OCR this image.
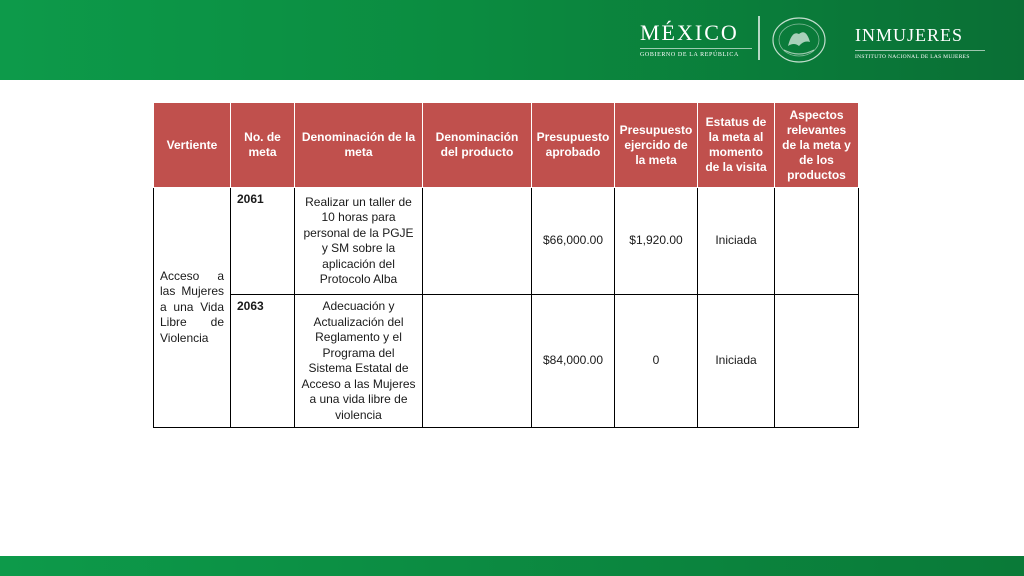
MÉXICO
GOBIERNO DE LA REPÚBLICA
INMUJERES
INSTITUTO NACIONAL DE LAS MUJERES
Vertiente	No. de meta	Denominación de la meta	Denominación del producto	Presupuesto aprobado	Presupuesto ejercido de la meta	Estatus de la meta al momento de la visita	Aspectos relevantes de la meta y de los productos
Acceso a las Mujeres a una Vida Libre de Violencia	2061	Realizar un taller de 10 horas para personal de la PGJE y SM sobre la aplicación del Protocolo Alba		$66,000.00	$1,920.00	Iniciada	
	2063	Adecuación y Actualización del Reglamento y el Programa del Sistema Estatal de Acceso a las Mujeres a una vida libre de violencia		$84,000.00	0	Iniciada	
